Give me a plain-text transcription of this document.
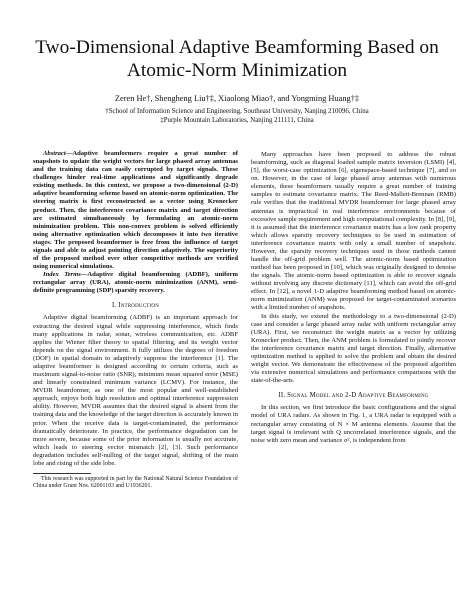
Two-Dimensional Adaptive Beamforming Based on
Atomic-Norm Minimization
Zeren He†, Shengheng Liu†‡, Xiaolong Miao†, and Yongming Huang†‡
†School of Information Science and Engineering, Southeast University, Nanjing 210096, China
‡Purple Mountain Laboratories, Nanjing 211111, China

Abstract—Adaptive beamformers require a great number of snapshots to update the weight vectors for large phased array antennas and the training data can easily corrupted by target signals. These challenges hinder real-time applications and significantly degrade existing methods. In this context, we propose a two-dimensional (2-D) adaptive beamforming scheme based on atomic-norm optimization. The steering matrix is first reconstructed as a vector using Kronecker product. Then, the interference covariance matrix and target direction are estimated simultaneously by formulating an atomic-norm minimization problem. This non-convex problem is solved efficiently using alternative optimization which decomposes it into two iterative stages. The proposed beamformer is free from the influence of target signals and able to adjust pointing direction adaptively. The superiority of the proposed method over other competitive methods are verified using numerical simulations.

Index Terms—Adaptive digital beamforming (ADBF), uniform rectangular array (URA), atomic-norm minimization (ANM), semi-definite programming (SDP) sparsity recovery.

I. Introduction

Adaptive digital beamforming (ADBF) is an important approach for extracting the desired signal while suppressing interference, which finds many applications in radar, sonar, wireless communication, etc. ADBF applies the Wiener filter theory to spatial filtering, and its weight vector depends on the signal environment. It fully utilizes the degrees of freedom (DOF) in spatial domain to adaptively suppress the interference [1]. The adaptive beamformer is designed according to certain criteria, such as maximum signal-to-noise ratio (SNR), minimum mean squared error (MSE) and linearly constrained minimum variance (LCMV). For instance, the MVDR beamformer, as one of the most popular and well-established approach, enjoys both high resolution and optimal interference suppression ability. However, MVDR assumes that the desired signal is absent from the training data and the knowledge of the target direction is accurately known in prior. When the receive data is target-contaminated, the performance dramatically deteriorate. In practice, the performance degradation can be more severe, because some of the prior information is usually not accurate, which leads to steering vector mismatch [2], [3]. Such performance degradation includes self-nulling of the target signal, shifting of the main lobe and rising of the side lobe.

This research was supported in part by the National Natural Science Foundation of China under Grant Nos. 62001103 and U1936201.

Many approaches have been proposed to address the robust beamforming, such as diagonal loaded sample matrix inversion (LSMI) [4], [5], the worst-case optimization [6], eigenspace-based technique [7], and so on. However, in the case of large phased array antennas with numerous elements, these beamformers usually require a great number of training samples to estimate covariance matrix. The Reed-Mallett-Brennan (RMB) rule verifies that the traditional MVDR beamformer for large phased array antennas is impractical in real interference environments because of excessive sample requirement and high computational complexity. In [8], [9], it is assumed that the interference covariance matrix has a low rank property which allows sparsity recovery techniques to be used in estimation of interference covariance matrix with only a small number of snapshots. However, the sparsity recovery techniques used in those methods cannot handle the off-grid problem well. The atomic-norm based optimization method has been proposed in [10], which was originally designed to denoise the signals. The atomic-norm based optimization is able to recover signals without involving any discrete dictionary [11], which can avoid the off-grid effect. In [12], a novel 1-D adaptive beamforming method based on atomic-norm minimization (ANM) was proposed for target-contaminated scenarios with a limited number of snapshots.

In this study, we extend the methodology to a two-dimensional (2-D) case and consider a large phased array radar with uniform rectangular array (URA). First, we reconstruct the weight matrix as a vector by utilizing Kronecker product. Then, the ANM problem is formulated to jointly recover the interference covariance matrix and target direction. Finally, alternative optimization method is applied to solve the problem and obtain the desired weight vector. We demonstrate the effectiveness of the proposed algorithm via extensive numerical simulations and performance comparisons with the state-of-the-arts.

II. Signal Model and 2-D Adaptive Beamforming

In this section, we first introduce the basic configurations and the signal model of URA radars. As shown in Fig. 1, a URA radar is equipped with a rectangular array consisting of N × M antenna elements. Assume that the target signal is irrelevant with Q uncorrelated interference signals, and the noise with zero mean and variance σ², is independent from
